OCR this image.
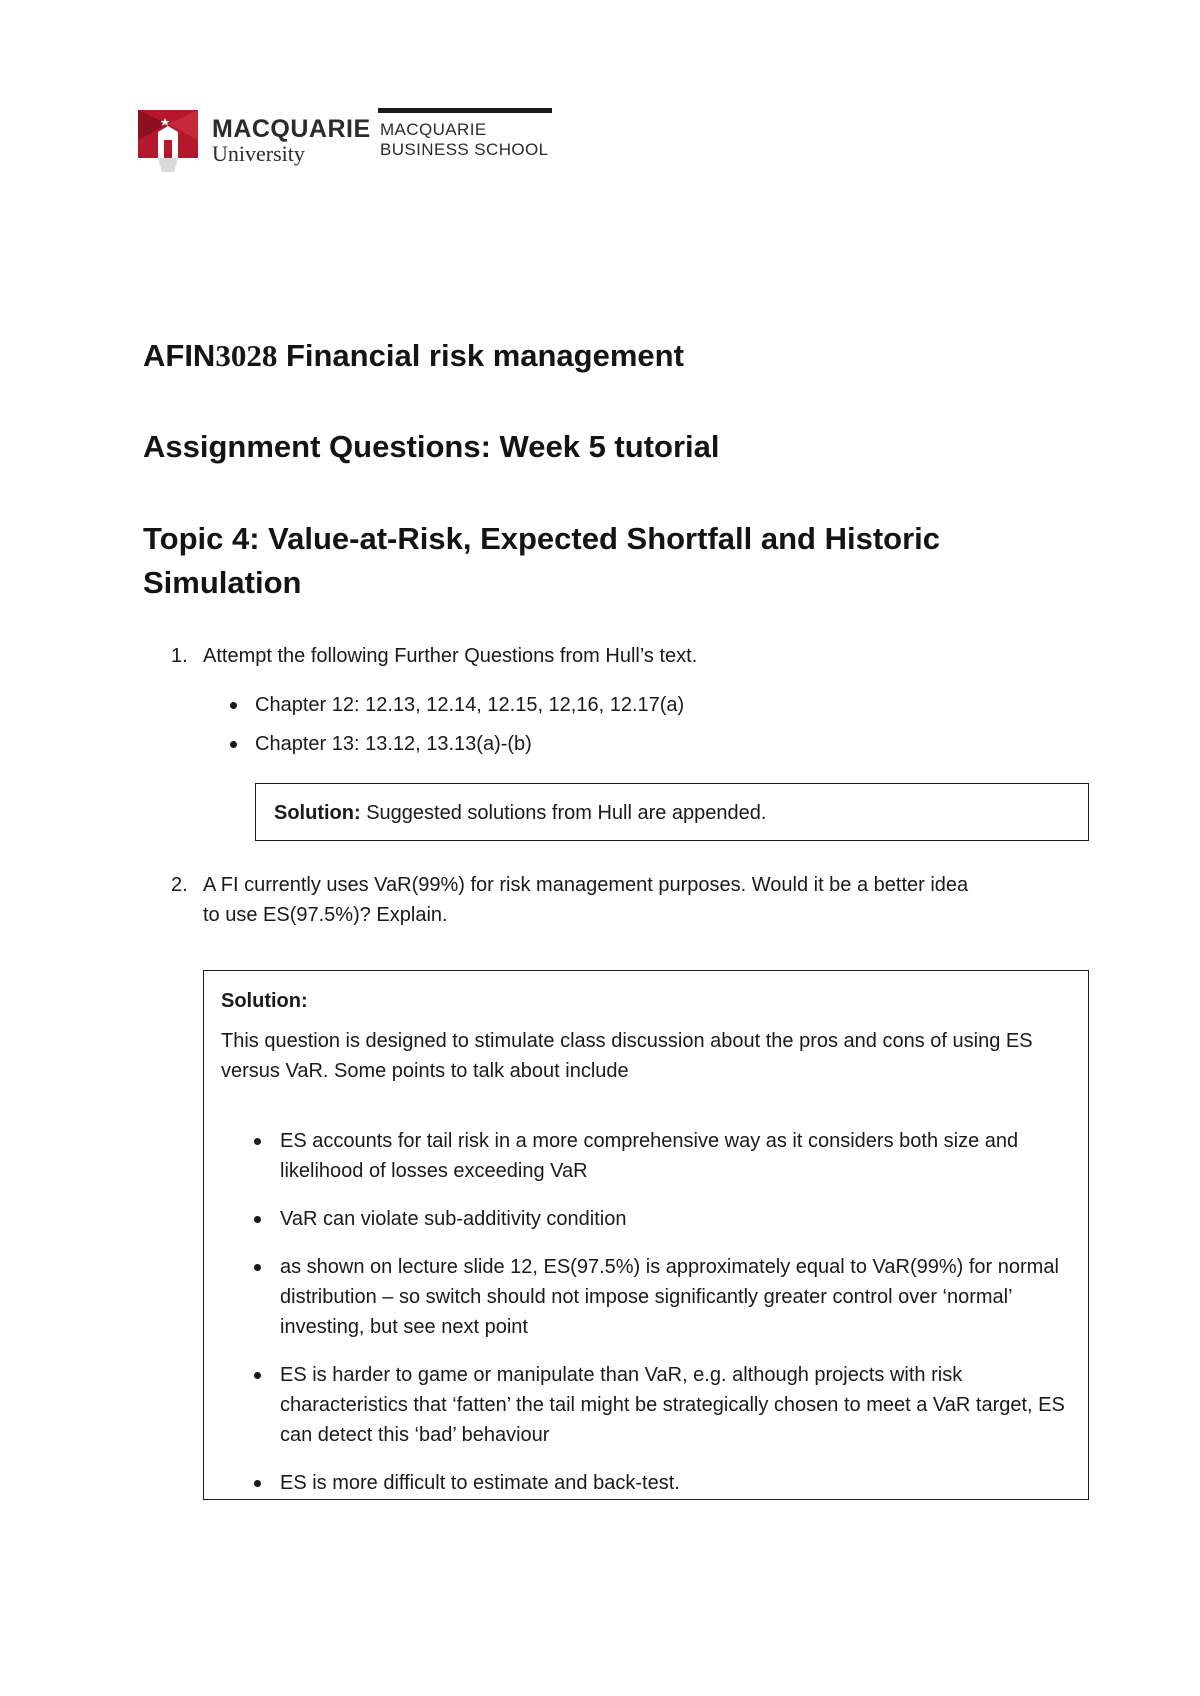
MACQUARIE
University
MACQUARIE
BUSINESS SCHOOL
AFIN3028 Financial risk management
Assignment Questions: Week 5 tutorial
Topic 4: Value-at-Risk, Expected Shortfall and Historic Simulation
1. Attempt the following Further Questions from Hull’s text.
Chapter 12: 12.13, 12.14, 12.15, 12,16, 12.17(a)
Chapter 13: 13.12, 13.13(a)-(b)
Solution: Suggested solutions from Hull are appended.
2. A FI currently uses VaR(99%) for risk management purposes. Would it be a better idea
to use ES(97.5%)? Explain.
Solution:
This question is designed to stimulate class discussion about the pros and cons of using ES versus VaR. Some points to talk about include
ES accounts for tail risk in a more comprehensive way as it considers both size and likelihood of losses exceeding VaR
VaR can violate sub-additivity condition
as shown on lecture slide 12, ES(97.5%) is approximately equal to VaR(99%) for normal distribution – so switch should not impose significantly greater control over ‘normal’ investing, but see next point
ES is harder to game or manipulate than VaR, e.g. although projects with risk characteristics that ‘fatten’ the tail might be strategically chosen to meet a VaR target, ES can detect this ‘bad’ behaviour
ES is more difficult to estimate and back-test.
